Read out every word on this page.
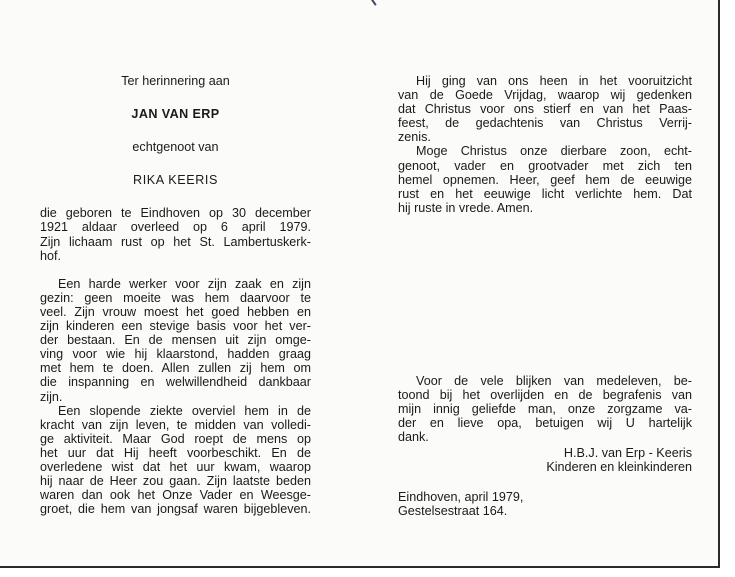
Ter herinnering aan
JAN VAN ERP
echtgenoot van
RIKA KEERIS
die geboren te Eindhoven op 30 december
1921 aldaar overleed op 6 april 1979.
Zijn lichaam rust op het St. Lambertuskerk-
hof.
Een harde werker voor zijn zaak en zijn
gezin: geen moeite was hem daarvoor te
veel. Zijn vrouw moest het goed hebben en
zijn kinderen een stevige basis voor het ver-
der bestaan. En de mensen uit zijn omge-
ving voor wie hij klaarstond, hadden graag
met hem te doen. Allen zullen zij hem om
die inspanning en welwillendheid dankbaar
zijn.
Een slopende ziekte overviel hem in de
kracht van zijn leven, te midden van volledi-
ge aktiviteit. Maar God roept de mens op
het uur dat Hij heeft voorbeschikt. En de
overledene wist dat het uur kwam, waarop
hij naar de Heer zou gaan. Zijn laatste beden
waren dan ook het Onze Vader en Weesge-
groet, die hem van jongsaf waren bijgebleven.
Hij ging van ons heen in het vooruitzicht
van de Goede Vrijdag, waarop wij gedenken
dat Christus voor ons stierf en van het Paas-
feest, de gedachtenis van Christus Verrij-
zenis.
Moge Christus onze dierbare zoon, echt-
genoot, vader en grootvader met zich ten
hemel opnemen. Heer, geef hem de eeuwige
rust en het eeuwige licht verlichte hem. Dat
hij ruste in vrede. Amen.
Voor de vele blijken van medeleven, be-
toond bij het overlijden en de begrafenis van
mijn innig geliefde man, onze zorgzame va-
der en lieve opa, betuigen wij U hartelijk
dank.
H.B.J. van Erp - Keeris
Kinderen en kleinkinderen
Eindhoven, april 1979,
Gestelsestraat 164.
